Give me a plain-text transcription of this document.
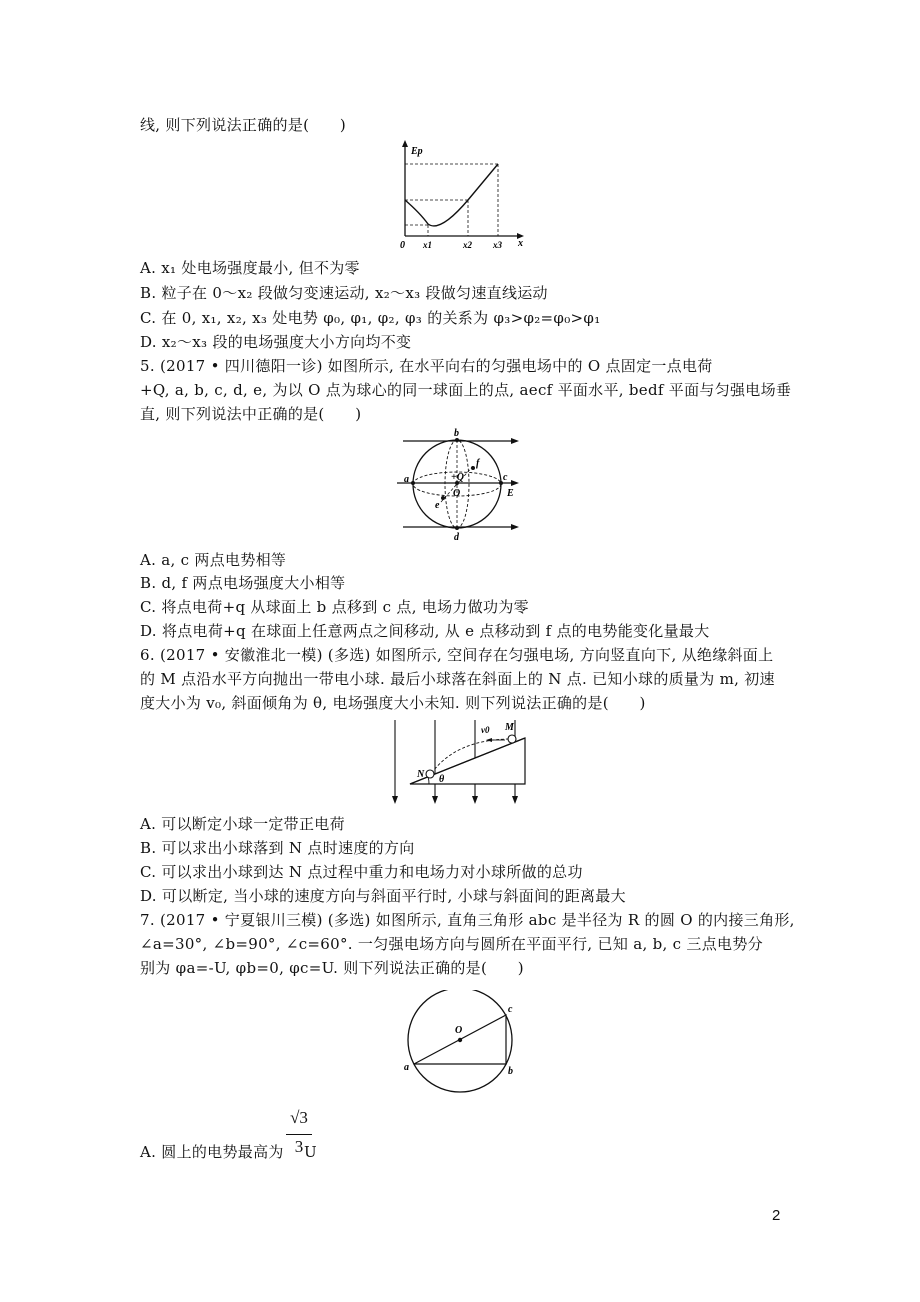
线, 则下列说法正确的是(　　)
Ep
x
0 x1	x2 x3
A. x₁ 处电场强度最小, 但不为零
B. 粒子在 0～x₂ 段做匀变速运动, x₂～x₃ 段做匀速直线运动
C. 在 0, x₁, x₂, x₃ 处电势 φ₀, φ₁, φ₂, φ₃ 的关系为 φ₃>φ₂=φ₀>φ₁
D. x₂～x₃ 段的电场强度大小方向均不变
5. (2017 • 四川德阳一诊) 如图所示, 在水平向右的匀强电场中的 O 点固定一点电荷
+Q, a, b, c, d, e, 为以 O 点为球心的同一球面上的点, aecf 平面水平, bedf 平面与匀强电场垂
直, 则下列说法中正确的是(　　)
b
a	+Q
O
f
c
E
e
d
A. a, c 两点电势相等
B. d, f 两点电场强度大小相等
C. 将点电荷+q 从球面上 b 点移到 c 点, 电场力做功为零
D. 将点电荷+q 在球面上任意两点之间移动, 从 e 点移动到 f 点的电势能变化量最大
6. (2017 • 安徽淮北一模) (多选) 如图所示, 空间存在匀强电场, 方向竖直向下, 从绝缘斜面上
的 M 点沿水平方向抛出一带电小球. 最后小球落在斜面上的 N 点. 已知小球的质量为 m, 初速
度大小为 v₀, 斜面倾角为 θ, 电场强度大小未知. 则下列说法正确的是(　　)
v0 M
N θ
A. 可以断定小球一定带正电荷
B. 可以求出小球落到 N 点时速度的方向
C. 可以求出小球到达 N 点过程中重力和电场力对小球所做的总功
D. 可以断定, 当小球的速度方向与斜面平行时, 小球与斜面间的距离最大
7. (2017 • 宁夏银川三模) (多选) 如图所示, 直角三角形 abc 是半径为 R 的圆 O 的内接三角形,
∠a=30°, ∠b=90°, ∠c=60°. 一匀强电场方向与圆所在平面平行, 已知 a, b, c 三点电势分
别为 φa=-U, φb=0, φc=U. 则下列说法正确的是(　　)
O
c
a	b
A. 圆上的电势最高为
√3
3 U
2
